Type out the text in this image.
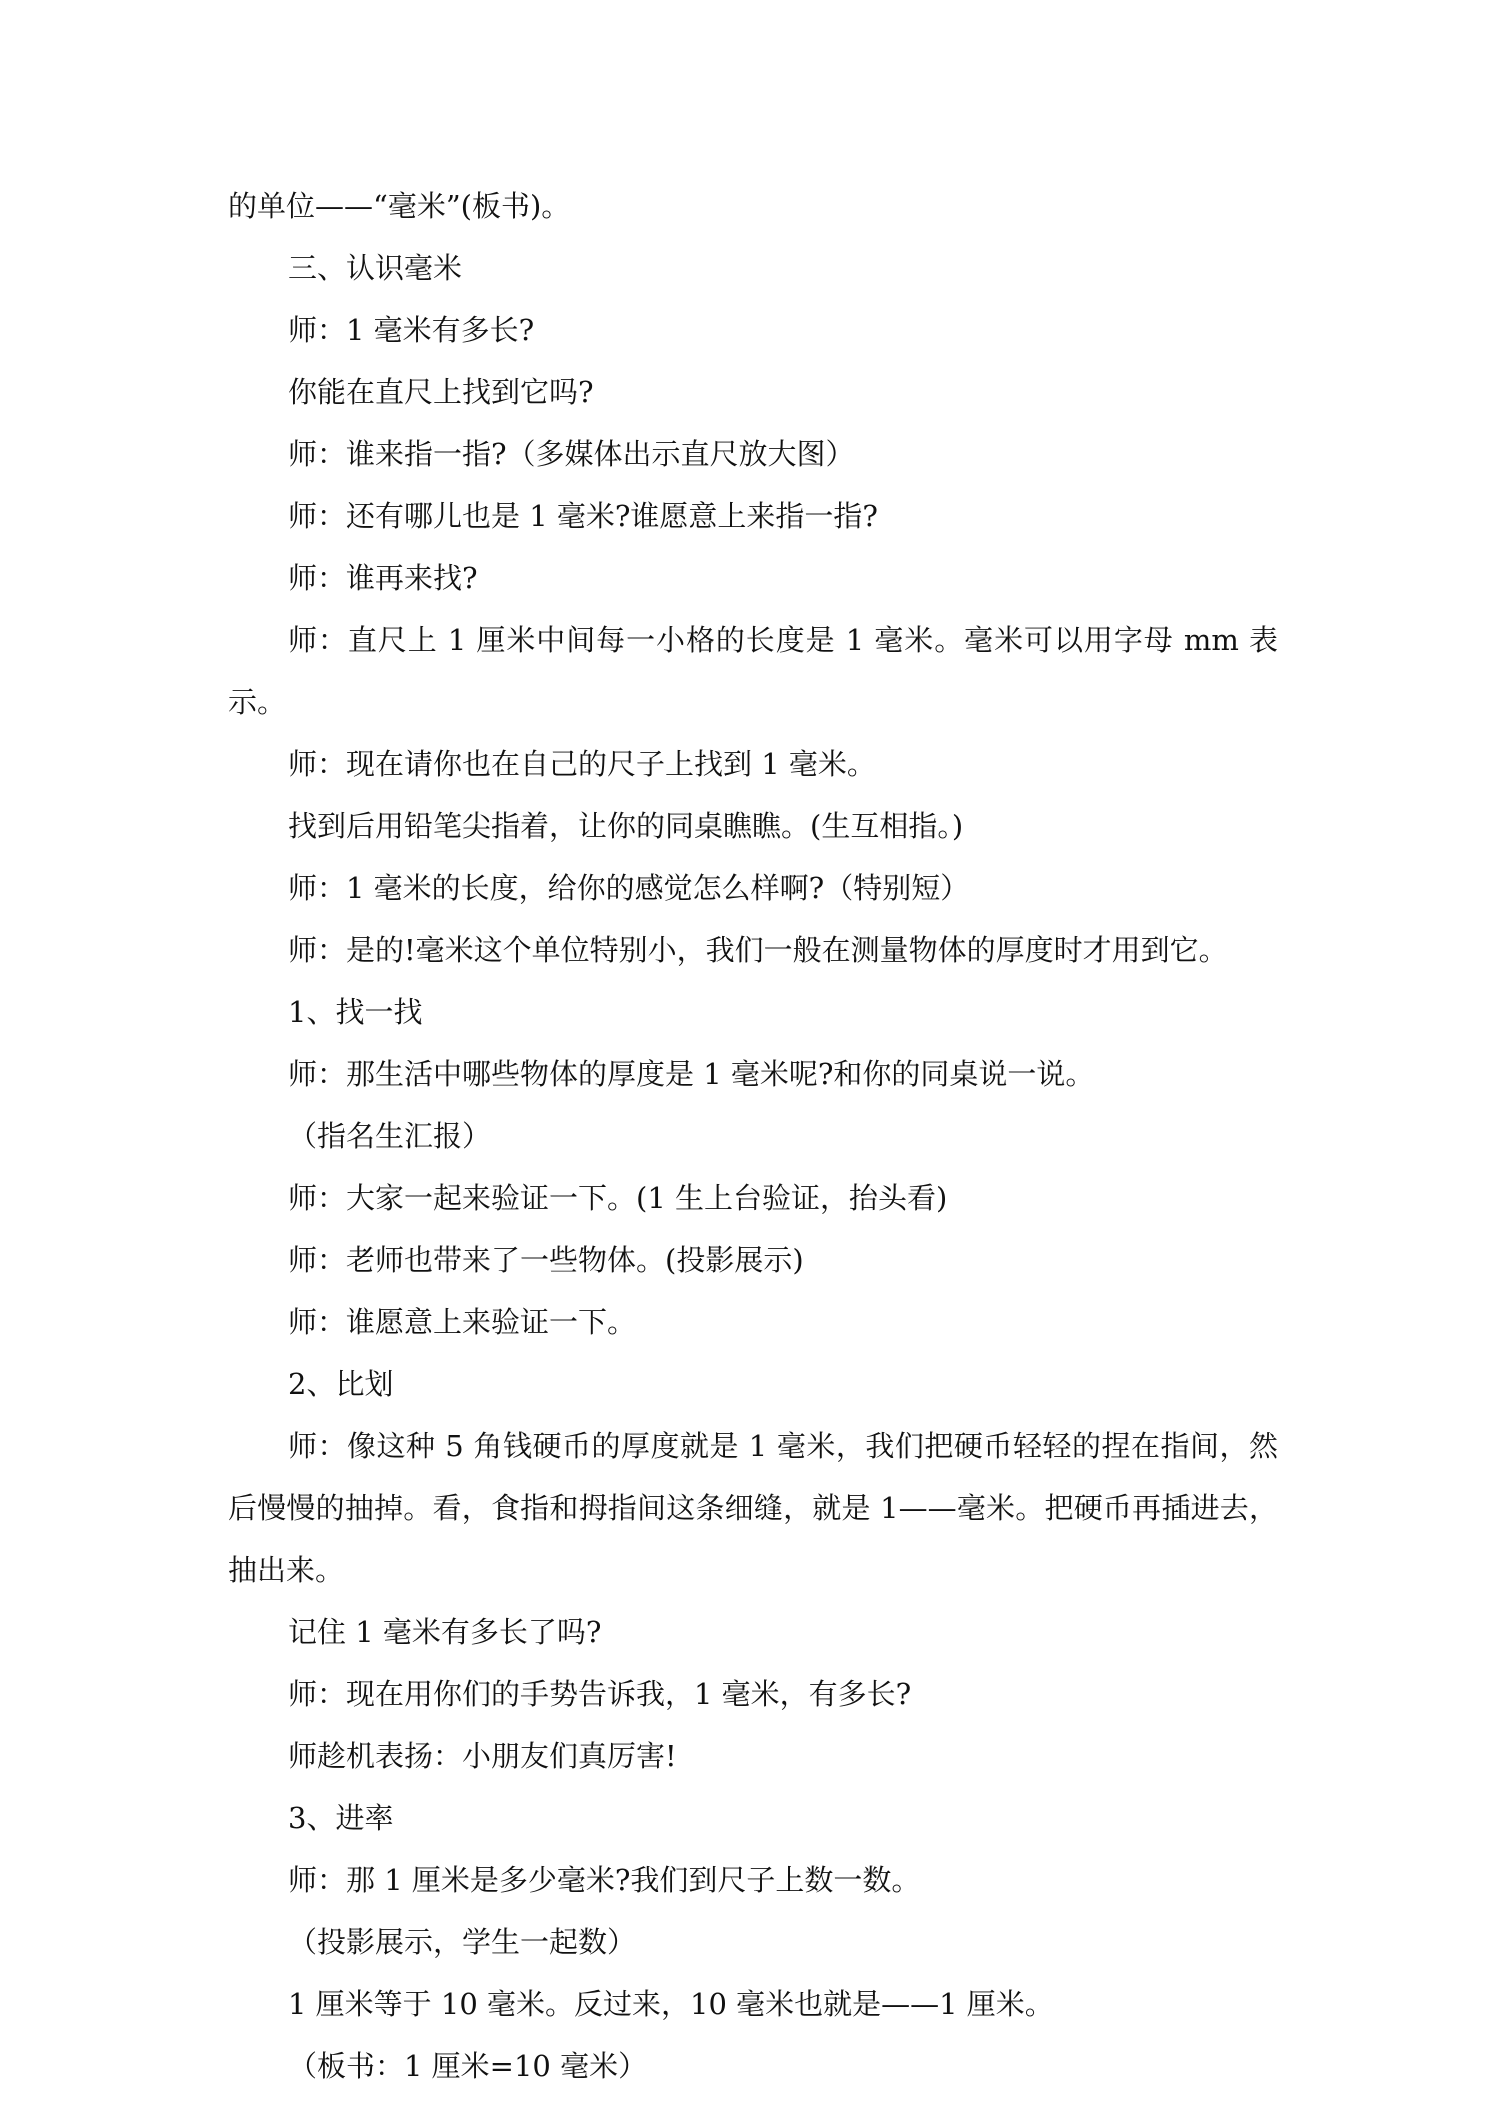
的单位——“毫米”(板书)。

三、认识毫米

师：1 毫米有多长?

你能在直尺上找到它吗?

师：谁来指一指?（多媒体出示直尺放大图）

师：还有哪儿也是 1 毫米?谁愿意上来指一指?

师：谁再来找?

师：直尺上 1 厘米中间每一小格的长度是 1 毫米。毫米可以用字母 mm 表示。

师：现在请你也在自己的尺子上找到 1 毫米。

找到后用铅笔尖指着，让你的同桌瞧瞧。(生互相指。)

师：1 毫米的长度，给你的感觉怎么样啊?（特别短）

师：是的!毫米这个单位特别小，我们一般在测量物体的厚度时才用到它。

1、找一找

师：那生活中哪些物体的厚度是 1 毫米呢?和你的同桌说一说。

（指名生汇报）

师：大家一起来验证一下。(1 生上台验证，抬头看)

师：老师也带来了一些物体。(投影展示)

师：谁愿意上来验证一下。

2、比划

师：像这种 5 角钱硬币的厚度就是 1 毫米，我们把硬币轻轻的捏在指间，然后慢慢的抽掉。看，食指和拇指间这条细缝，就是 1——毫米。把硬币再插进去，抽出来。

记住 1 毫米有多长了吗?

师：现在用你们的手势告诉我，1 毫米，有多长?

师趁机表扬：小朋友们真厉害!

3、进率

师：那 1 厘米是多少毫米?我们到尺子上数一数。

（投影展示，学生一起数）

1 厘米等于 10 毫米。反过来，10 毫米也就是——1 厘米。

（板书：1 厘米=10 毫米）
